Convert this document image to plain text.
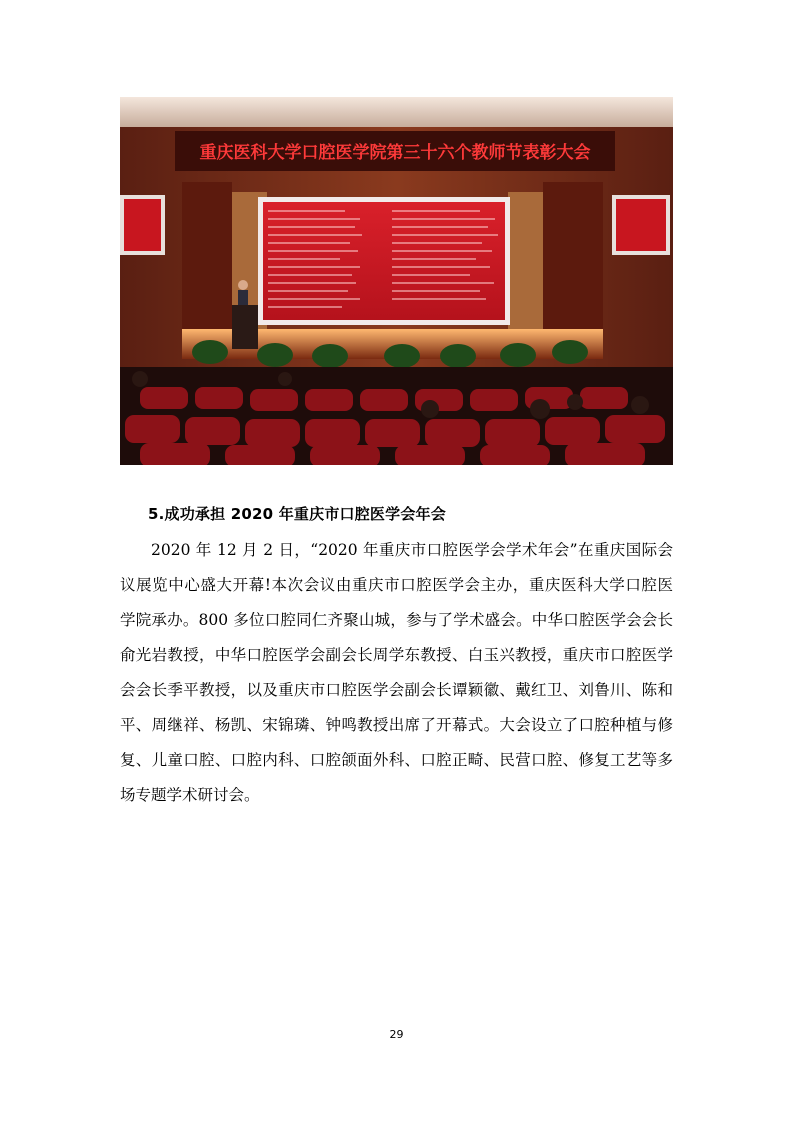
重庆医科大学口腔医学院第三十六个教师节表彰大会
5.成功承担 2020 年重庆市口腔医学会年会

2020 年 12 月 2 日，“2020 年重庆市口腔医学会学术年会”在重庆国际会
议展览中心盛大开幕!本次会议由重庆市口腔医学会主办，重庆医科大学口腔医
学院承办。800 多位口腔同仁齐聚山城，参与了学术盛会。中华口腔医学会会长
俞光岩教授，中华口腔医学会副会长周学东教授、白玉兴教授，重庆市口腔医学
会会长季平教授，以及重庆市口腔医学会副会长谭颖徽、戴红卫、刘鲁川、陈和
平、周继祥、杨凯、宋锦璘、钟鸣教授出席了开幕式。大会设立了口腔种植与修
复、儿童口腔、口腔内科、口腔颌面外科、口腔正畸、民营口腔、修复工艺等多
场专题学术研讨会。

29
